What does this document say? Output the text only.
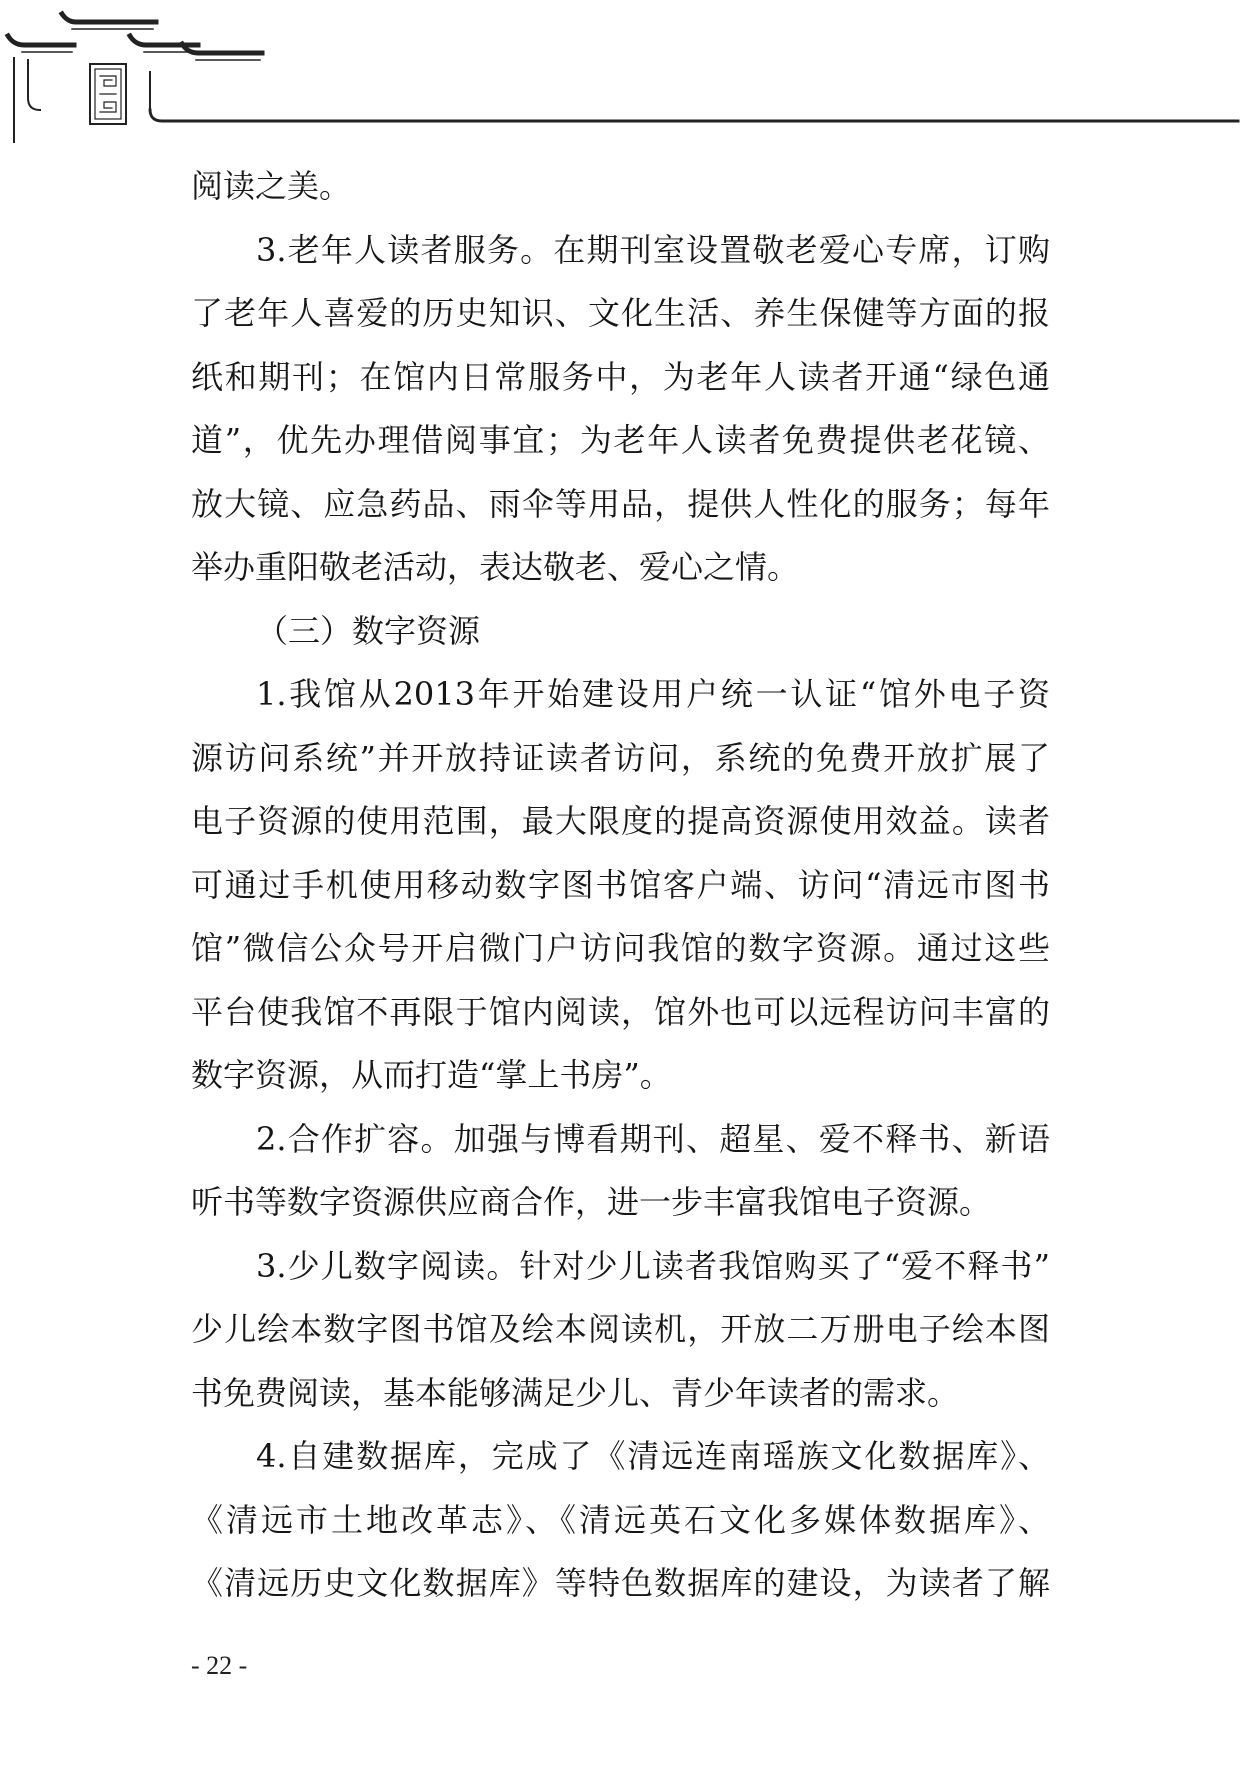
阅读之美。
3.老年人读者服务。在期刊室设置敬老爱心专席，订购
了老年人喜爱的历史知识、文化生活、养生保健等方面的报
纸和期刊；在馆内日常服务中，为老年人读者开通“绿色通
道”，优先办理借阅事宜；为老年人读者免费提供老花镜、
放大镜、应急药品、雨伞等用品，提供人性化的服务；每年
举办重阳敬老活动，表达敬老、爱心之情。
（三）数字资源
1.我馆从2013年开始建设用户统一认证“馆外电子资
源访问系统”并开放持证读者访问，系统的免费开放扩展了
电子资源的使用范围，最大限度的提高资源使用效益。读者
可通过手机使用移动数字图书馆客户端、访问“清远市图书
馆”微信公众号开启微门户访问我馆的数字资源。通过这些
平台使我馆不再限于馆内阅读，馆外也可以远程访问丰富的
数字资源，从而打造“掌上书房”。
2.合作扩容。加强与博看期刊、超星、爱不释书、新语
听书等数字资源供应商合作，进一步丰富我馆电子资源。
3.少儿数字阅读。针对少儿读者我馆购买了“爱不释书”
少儿绘本数字图书馆及绘本阅读机，开放二万册电子绘本图
书免费阅读，基本能够满足少儿、青少年读者的需求。
4.自建数据库，完成了《清远连南瑶族文化数据库》、
《清远市土地改革志》、《清远英石文化多媒体数据库》、
《清远历史文化数据库》等特色数据库的建设，为读者了解
- 22 -
